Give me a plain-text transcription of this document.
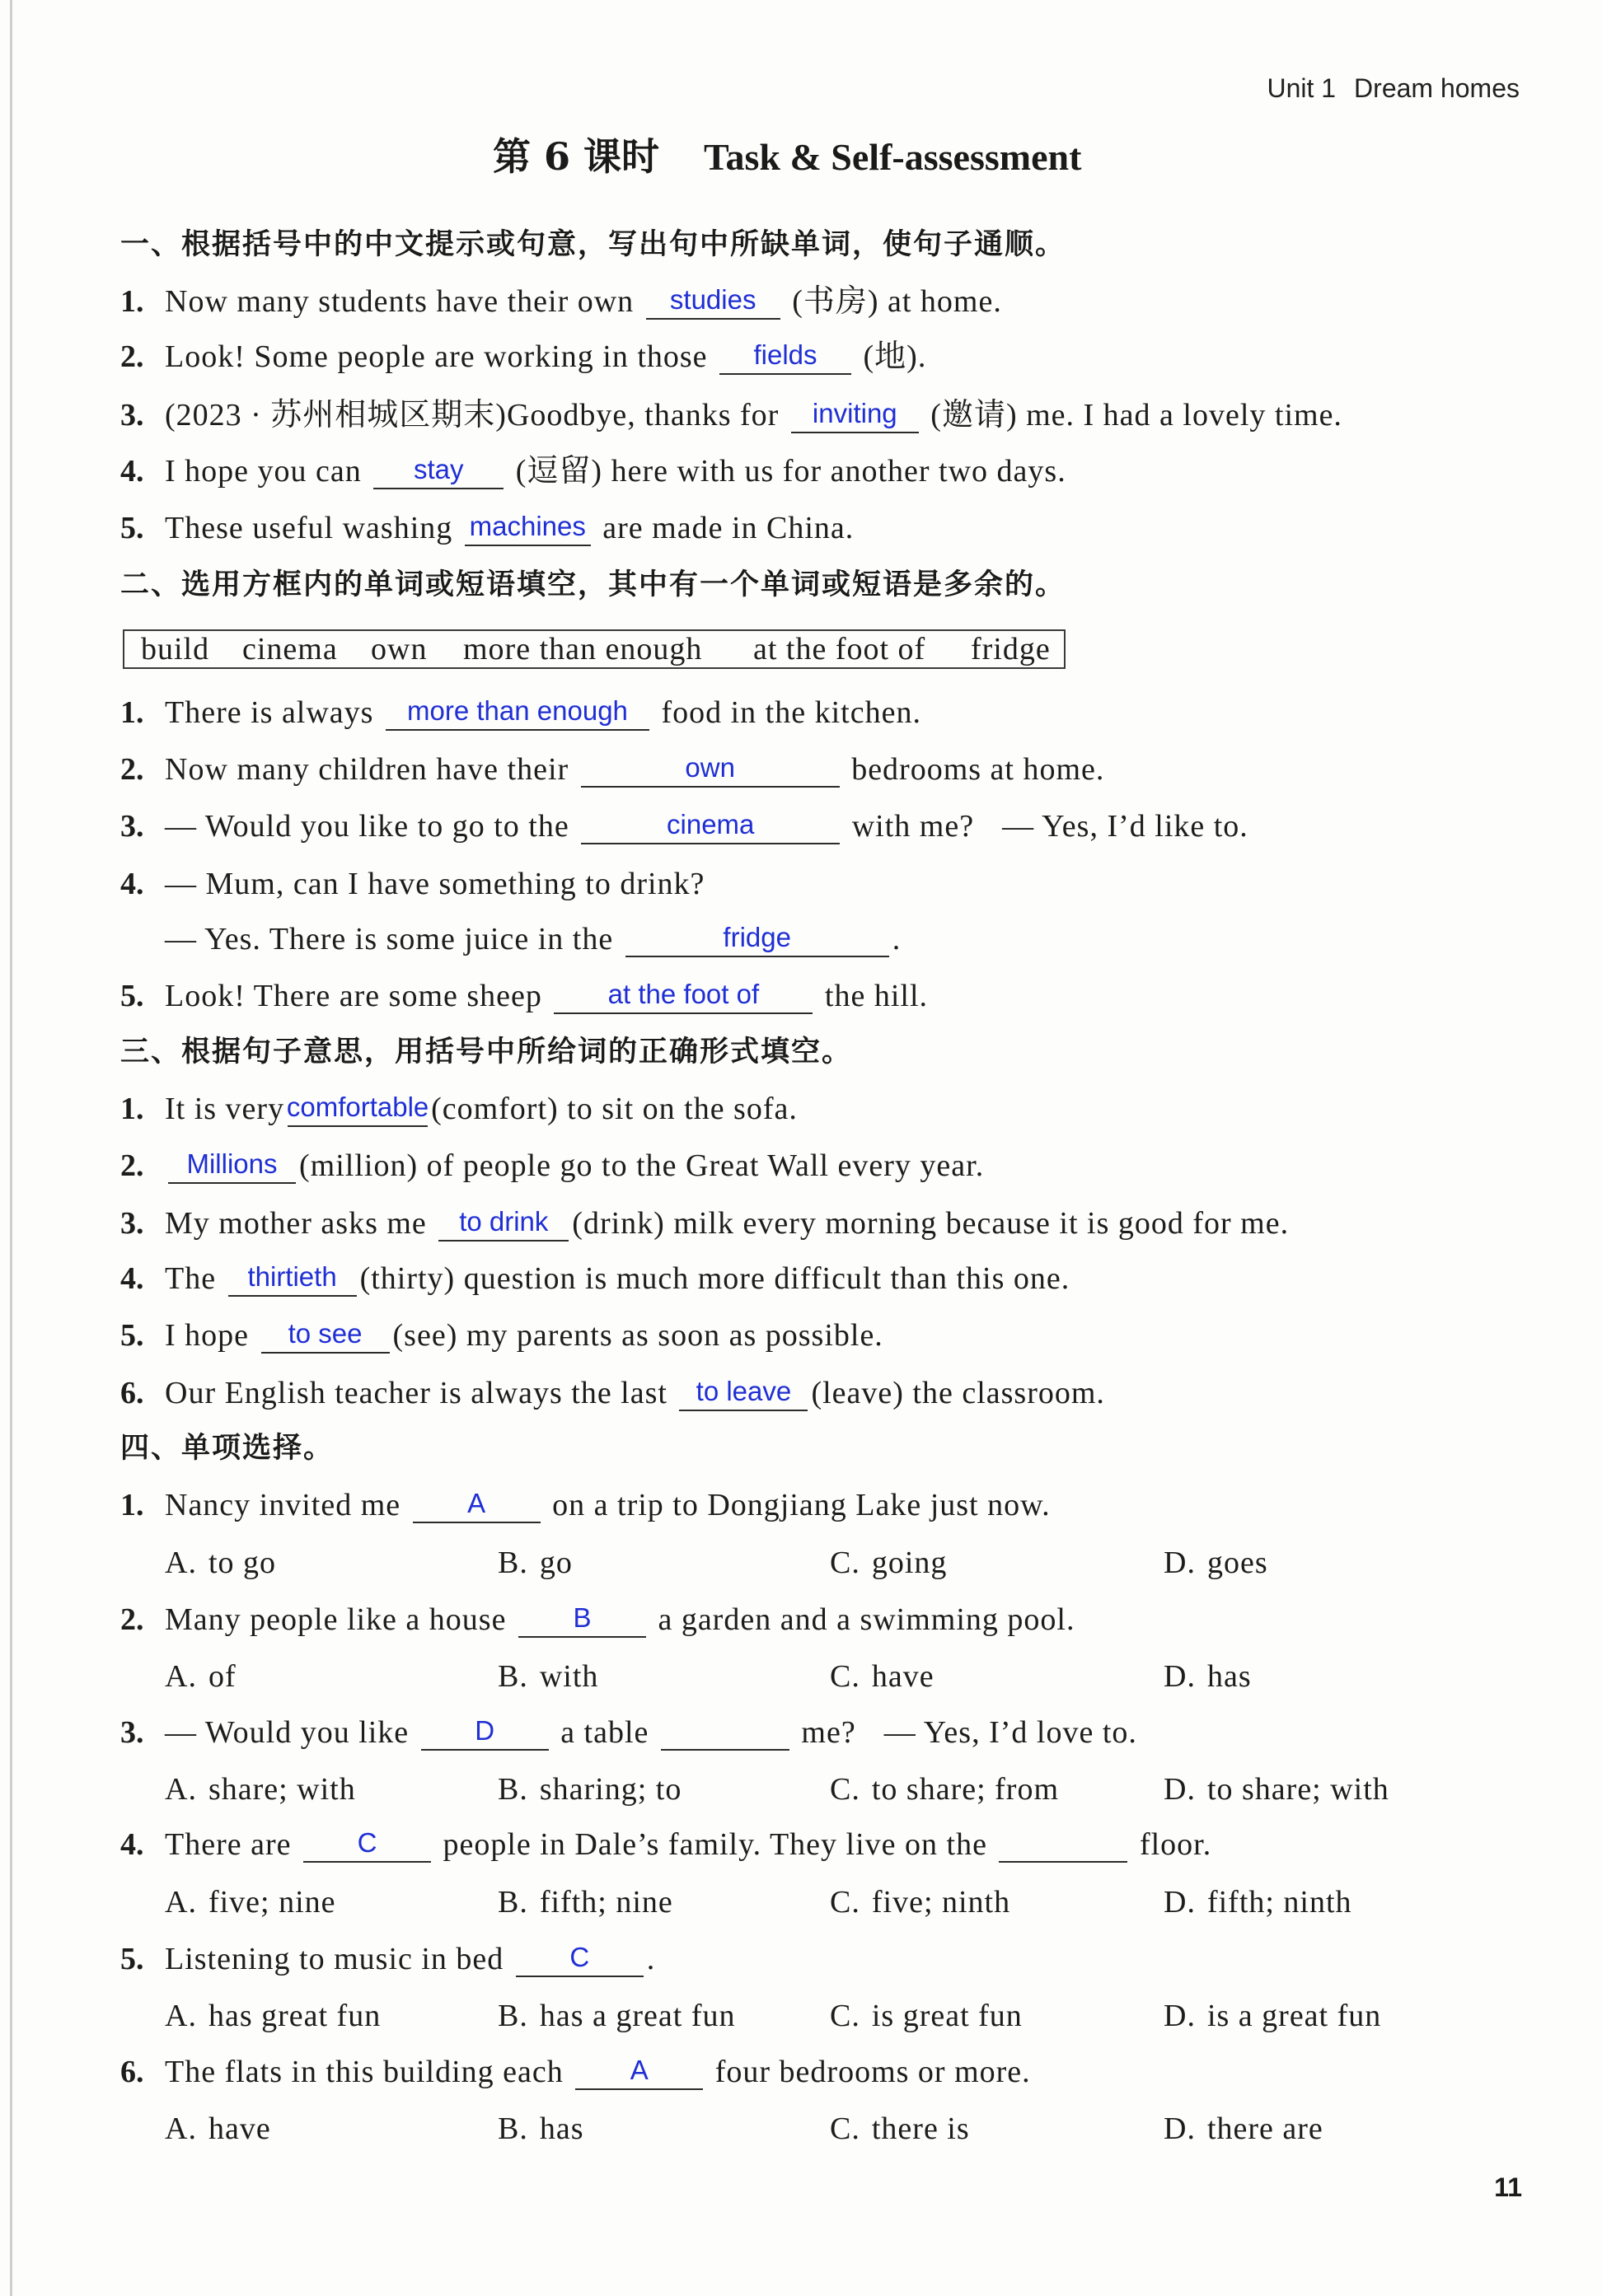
Unit 1 Dream homes
第 6 课时 Task & Self-assessment
一、根据括号中的中文提示或句意，写出句中所缺单词，使句子通顺。
1. Now many students have their own	studies	(书房) at home.
2. Look! Some people are working in those	fields	(地).
3. (2023 · 苏州相城区期末)Goodbye, thanks for	inviting	(邀请) me. I had a lovely time.
4. I hope you can	stay	(逗留) here with us for another two days.
5. These useful washing machines are made in China.
二、选用方框内的单词或短语填空，其中有一个单词或短语是多余的。
build cinema own more than enough at the foot of fridge
1. There is always	more than enough	food in the kitchen.
2. Now many children have their	own	bedrooms at home.
3. — Would you like to go to the	cinema	with me? — Yes, I’d like to.
4. — Mum, can I have something to drink?
— Yes. There is some juice in the	fridge	.
5. Look! There are some sheep	at the foot of	the hill.
三、根据句子意思，用括号中所给词的正确形式填空。
1. It is very comfortable (comfort) to sit on the sofa.
2.	Millions (million) of people go to the Great Wall every year.
3. My mother asks me	to drink (drink) milk every morning because it is good for me.
4. The	thirtieth (thirty) question is much more difficult than this one.
5. I hope	to see (see) my parents as soon as possible.
6. Our English teacher is always the last	to leave (leave) the classroom.
四、单项选择。
1. Nancy invited me	A	on a trip to Dongjiang Lake just now.
A. to go	B. go	C. going	D. goes
2. Many people like a house	B	a garden and a swimming pool.
A. of	B. with	C. have	D. has
3. — Would you like	D	a table	me? — Yes, I’d love to.
A. share; with	B. sharing; to	C. to share; from	D. to share; with
4. There are	C	people in Dale’s family. They live on the	floor.
A. five; nine	B. fifth; nine	C. five; ninth	D. fifth; ninth
5. Listening to music in bed	C	.
A. has great fun	B. has a great fun	C. is great fun	D. is a great fun
6. The flats in this building each	A	four bedrooms or more.
A. have	B. has	C. there is	D. there are
11
